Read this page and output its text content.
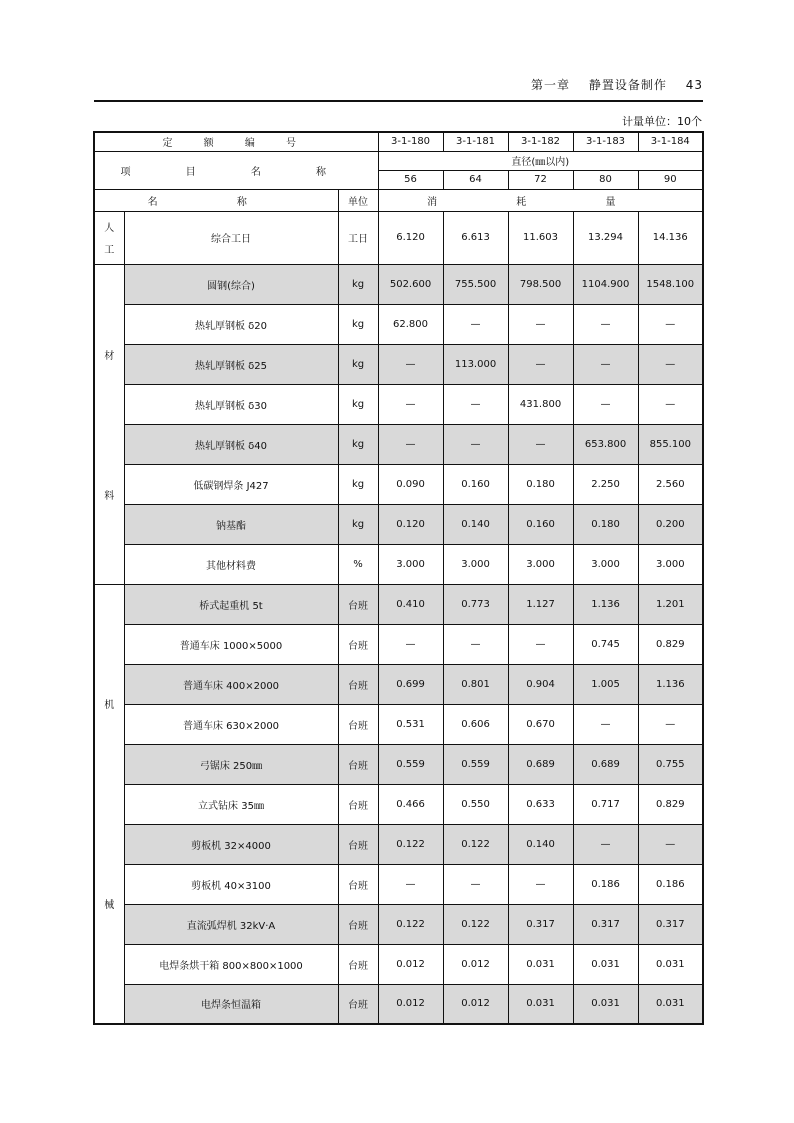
第一章 静置设备制作 43
计量单位：10个
定 额 编 号			3-1-180	3-1-181	3-1-182	3-1-183	3-1-184
项 目 名 称			直径(㎜以内)				
			56	64	72	80	90
名 称		单位	消 耗 量				

人
工	综合工日	工日	6.120	6.613	11.603	13.294	14.136

材
料	圆钢(综合)	kg	502.600	755.500	798.500	1104.900	1548.100
	热轧厚钢板 δ20	kg	62.800	—	—	—	—
	热轧厚钢板 δ25	kg	—	113.000	—	—	—
	热轧厚钢板 δ30	kg	—	—	431.800	—	—
	热轧厚钢板 δ40	kg	—	—	—	653.800	855.100
	低碳钢焊条 J427	kg	0.090	0.160	0.180	2.250	2.560
	钠基酯	kg	0.120	0.140	0.160	0.180	0.200
	其他材料费	%	3.000	3.000	3.000	3.000	3.000

机
械	桥式起重机 5t	台班	0.410	0.773	1.127	1.136	1.201
	普通车床 1000×5000	台班	—	—	—	0.745	0.829
	普通车床 400×2000	台班	0.699	0.801	0.904	1.005	1.136
	普通车床 630×2000	台班	0.531	0.606	0.670	—	—
	弓锯床 250㎜	台班	0.559	0.559	0.689	0.689	0.755
	立式钻床 35㎜	台班	0.466	0.550	0.633	0.717	0.829
	剪板机 32×4000	台班	0.122	0.122	0.140	—	—
	剪板机 40×3100	台班	—	—	—	0.186	0.186
	直流弧焊机 32kV·A	台班	0.122	0.122	0.317	0.317	0.317
	电焊条烘干箱 800×800×1000	台班	0.012	0.012	0.031	0.031	0.031
	电焊条恒温箱	台班	0.012	0.012	0.031	0.031	0.031
